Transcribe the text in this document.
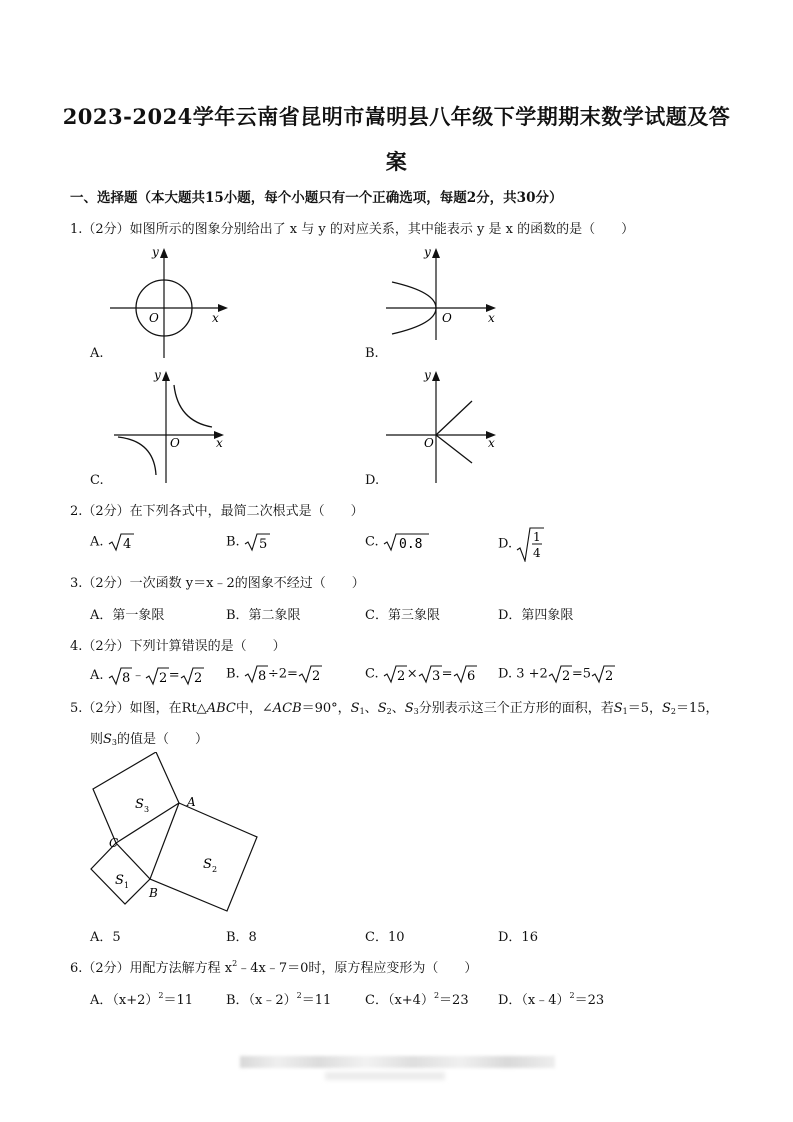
2023-2024学年云南省昆明市嵩明县八年级下学期期末数学试题及答
案
一、选择题（本大题共15小题，每个小题只有一个正确选项，每题2分，共30分）
1.（2分）如图所示的图象分别给出了 x 与 y 的对应关系，其中能表示 y 是 x 的函数的是（　　）
x
y
O
A.
x
y
O
B.
x
y
O
C.
x
y
O
D.
2.（2分）在下列各式中，最简二次根式是（　　）
A. 4	B. 5	C. 0.8	D. 1
4
3.（2分）一次函数 y＝x﹣2的图象不经过（　　）
A．第一象限	B．第二象限	C．第三象限	D．第四象限
4.（2分）下列计算错误的是（　　）
A. 8 ﹣ 2 = 2 B. 8 ÷2= 2	C. 2 × 3 = 6 D. 3 +2 2 =5 2
5.（2分）如图，在Rt△ABC中，∠ACB＝90°，$S_1$、$S_2$、$S_3$分别表示这三个正方形的面积，若$S_1=5$，$S_2=15$，
则$S_3$的值是（　　）
S 3
S 2
S 1
A
B
C
A．5	B．8	C．10	D．16
6.（2分）用配方法解方程 $x^2﹣4x﹣7=0$时，原方程应变形为（　　）
A．$(x+2)^2=11$	B．（x﹣2）$^2$＝11	C．$(x+4)^2=23$ D．（x﹣4）$^2$＝23
